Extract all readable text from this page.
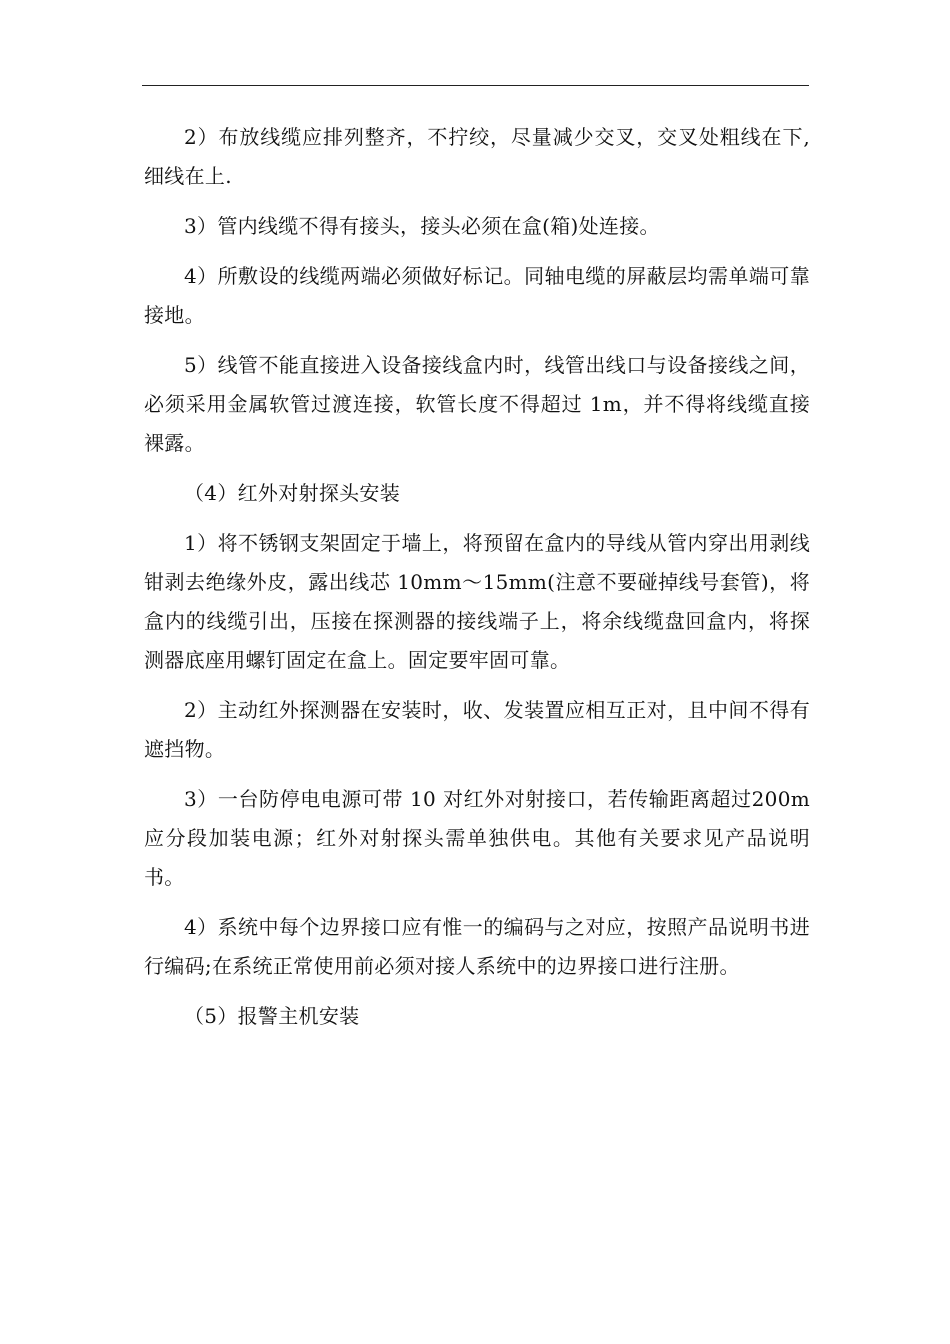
2）布放线缆应排列整齐，不拧绞，尽量减少交叉，交叉处粗线在下,细线在上.

3）管内线缆不得有接头，接头必须在盒(箱)处连接。

4）所敷设的线缆两端必须做好标记。同轴电缆的屏蔽层均需单端可靠接地。

5）线管不能直接进入设备接线盒内时，线管出线口与设备接线之间，必须采用金属软管过渡连接，软管长度不得超过 1m，并不得将线缆直接裸露。

（4）红外对射探头安装

1）将不锈钢支架固定于墙上，将预留在盒内的导线从管内穿出用剥线钳剥去绝缘外皮，露出线芯 10mm～15mm(注意不要碰掉线号套管)，将盒内的线缆引出，压接在探测器的接线端子上，将余线缆盘回盒内，将探测器底座用螺钉固定在盒上。固定要牢固可靠。

2）主动红外探测器在安装时，收、发装置应相互正对，且中间不得有遮挡物。

3）一台防停电电源可带 10 对红外对射接口，若传输距离超过200m 应分段加装电源；红外对射探头需单独供电。其他有关要求见产品说明书。

4）系统中每个边界接口应有惟一的编码与之对应，按照产品说明书进行编码;在系统正常使用前必须对接人系统中的边界接口进行注册。

（5）报警主机安装
